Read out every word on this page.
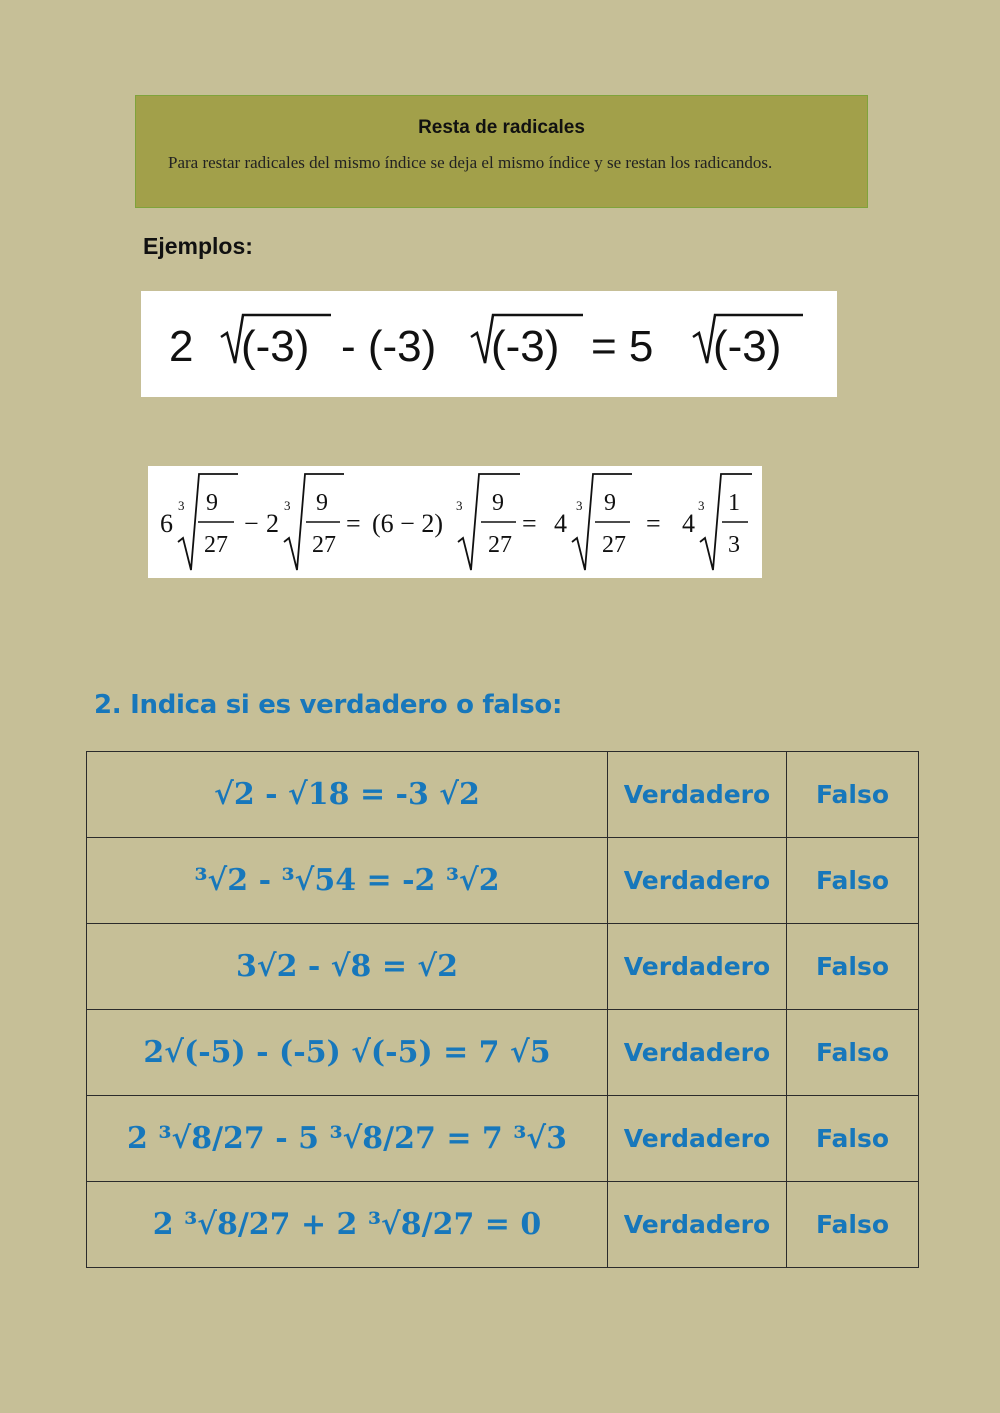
Resta de radicales
Para restar radicales del mismo índice se deja el mismo índice y se restan los radicandos.
Ejemplos:
2 (-3) - (-3) (-3) = 5 (-3)
6
3 9
27
− 2
3 9
27
= (6 − 2)
3 9
27
= 4
3 9
27
= 4
3 1
3
2. Indica si es verdadero o falso:
√2 - √18 = -3 √2	Verdadero	Falso
³√2 - ³√54 = -2 ³√2	Verdadero	Falso
3√2 - √8 = √2	Verdadero	Falso
2√(-5) - (-5) √(-5) = 7 √5	Verdadero	Falso
2 ³√8/27 - 5 ³√8/27 = 7 ³√3	Verdadero	Falso
2 ³√8/27 + 2 ³√8/27 = 0	Verdadero	Falso
